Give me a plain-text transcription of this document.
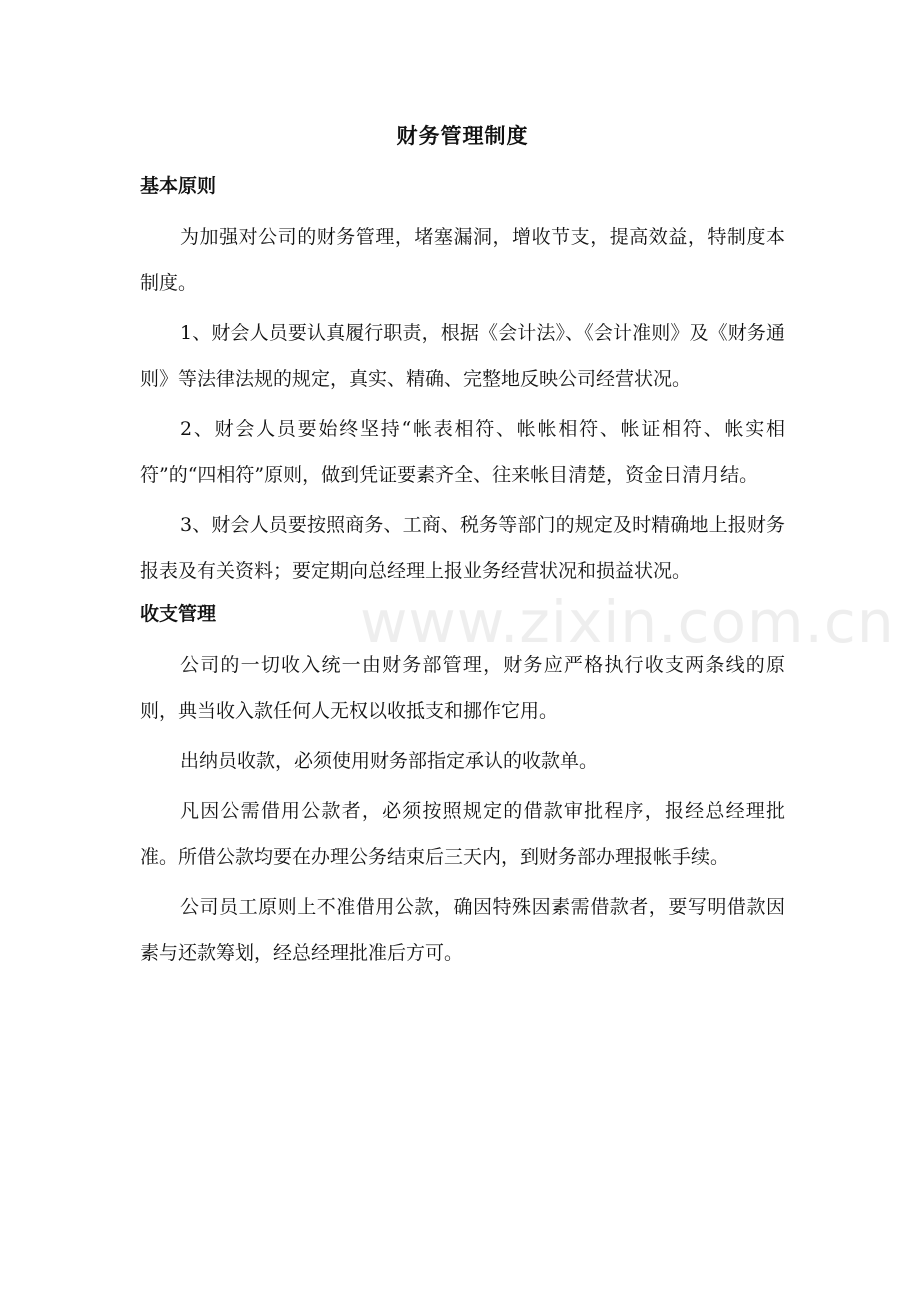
www.zixin.com.cn
财务管理制度
基本原则

为加强对公司的财务管理，堵塞漏洞，增收节支，提高效益，特制度本制度。

1、财会人员要认真履行职责，根据《会计法》、《会计准则》及《财务通则》等法律法规的规定，真实、精确、完整地反映公司经营状况。

2、财会人员要始终坚持“帐表相符、帐帐相符、帐证相符、帐实相符”的“四相符”原则，做到凭证要素齐全、往来帐目清楚，资金日清月结。

3、财会人员要按照商务、工商、税务等部门的规定及时精确地上报财务报表及有关资料；要定期向总经理上报业务经营状况和损益状况。

收支管理

公司的一切收入统一由财务部管理，财务应严格执行收支两条线的原则，典当收入款任何人无权以收抵支和挪作它用。

出纳员收款，必须使用财务部指定承认的收款单。

凡因公需借用公款者，必须按照规定的借款审批程序，报经总经理批准。所借公款均要在办理公务结束后三天内，到财务部办理报帐手续。

公司员工原则上不准借用公款，确因特殊因素需借款者，要写明借款因素与还款筹划，经总经理批准后方可。
